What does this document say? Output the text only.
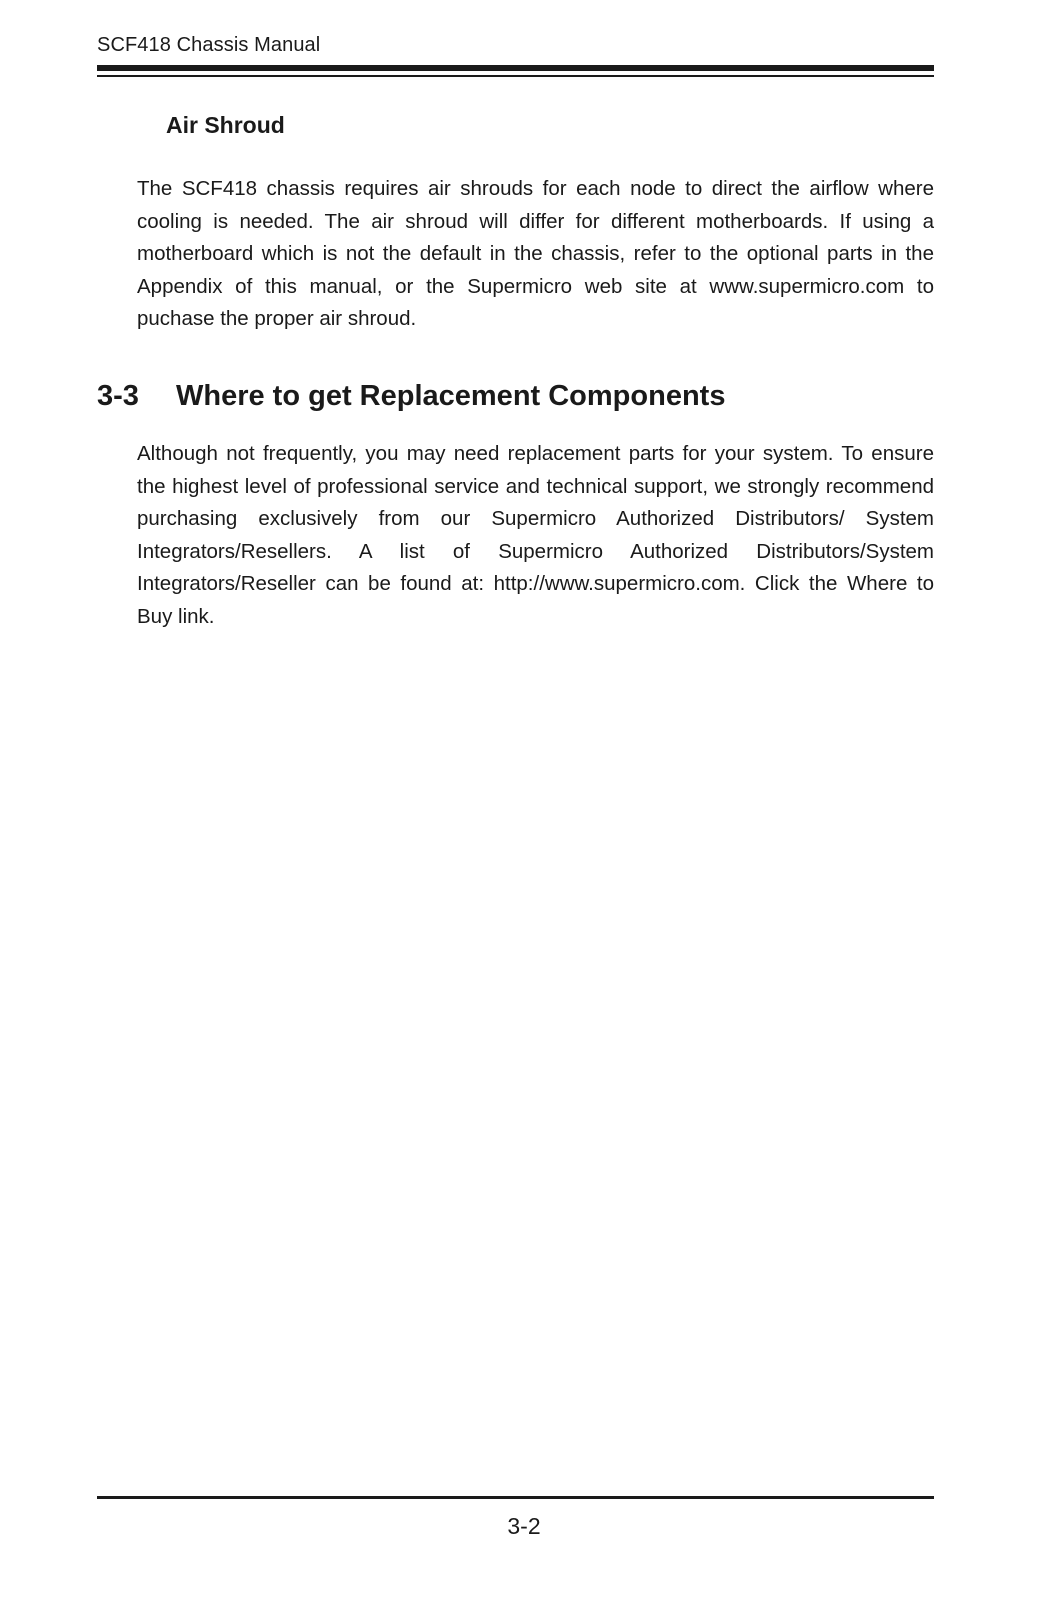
SCF418 Chassis Manual
Air Shroud

The SCF418 chassis requires air shrouds for each node to direct the airflow where cooling is needed. The air shroud will differ for different motherboards. If using a motherboard which is not the default in the chassis, refer to the optional parts in the Appendix of this manual, or the Supermicro web site at www.supermicro.com to puchase the proper air shroud.

3-3 Where to get Replacement Components

Although not frequently, you may need replacement parts for your system. To ensure the highest level of professional service and technical support, we strongly recommend purchasing exclusively from our Supermicro Authorized Distributors/ System Integrators/Resellers. A list of Supermicro Authorized Distributors/System Integrators/Reseller can be found at: http://www.supermicro.com. Click the Where to Buy link.

3-2
